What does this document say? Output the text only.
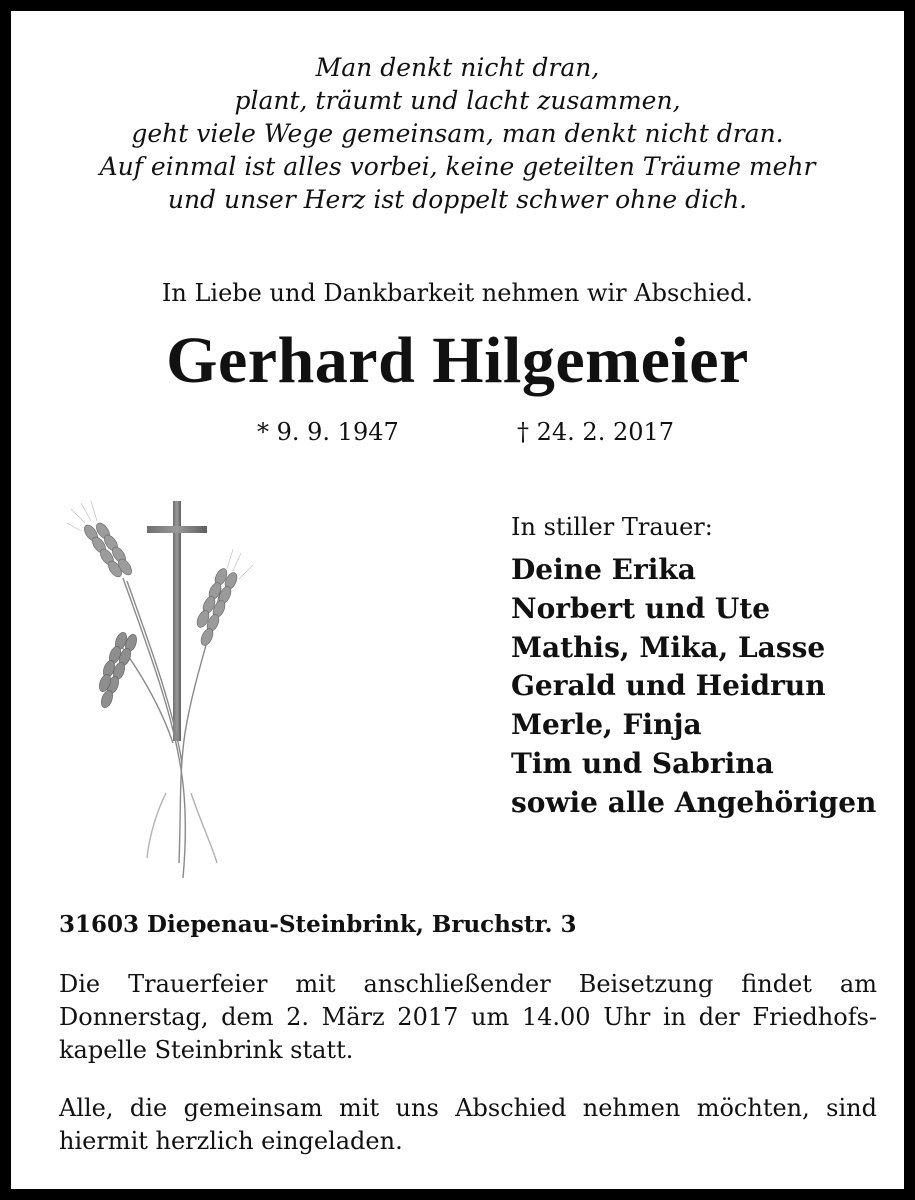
Man denkt nicht dran,
plant, träumt und lacht zusammen,
geht viele Wege gemeinsam, man denkt nicht dran.
Auf einmal ist alles vorbei, keine geteilten Träume mehr
und unser Herz ist doppelt schwer ohne dich.
In Liebe und Dankbarkeit nehmen wir Abschied.
Gerhard Hilgemeier
* 9. 9. 1947	† 24. 2. 2017
In stiller Trauer:
Deine Erika
Norbert und Ute
Mathis, Mika, Lasse
Gerald und Heidrun
Merle, Finja
Tim und Sabrina
sowie alle Angehörigen
31603 Diepenau-Steinbrink, Bruchstr. 3
Die Trauerfeier mit anschließender Beisetzung findet am Donnerstag, dem 2. März 2017 um 14.00 Uhr in der Friedhofskapelle Steinbrink statt.
Alle, die gemeinsam mit uns Abschied nehmen möchten, sind hiermit herzlich eingeladen.
